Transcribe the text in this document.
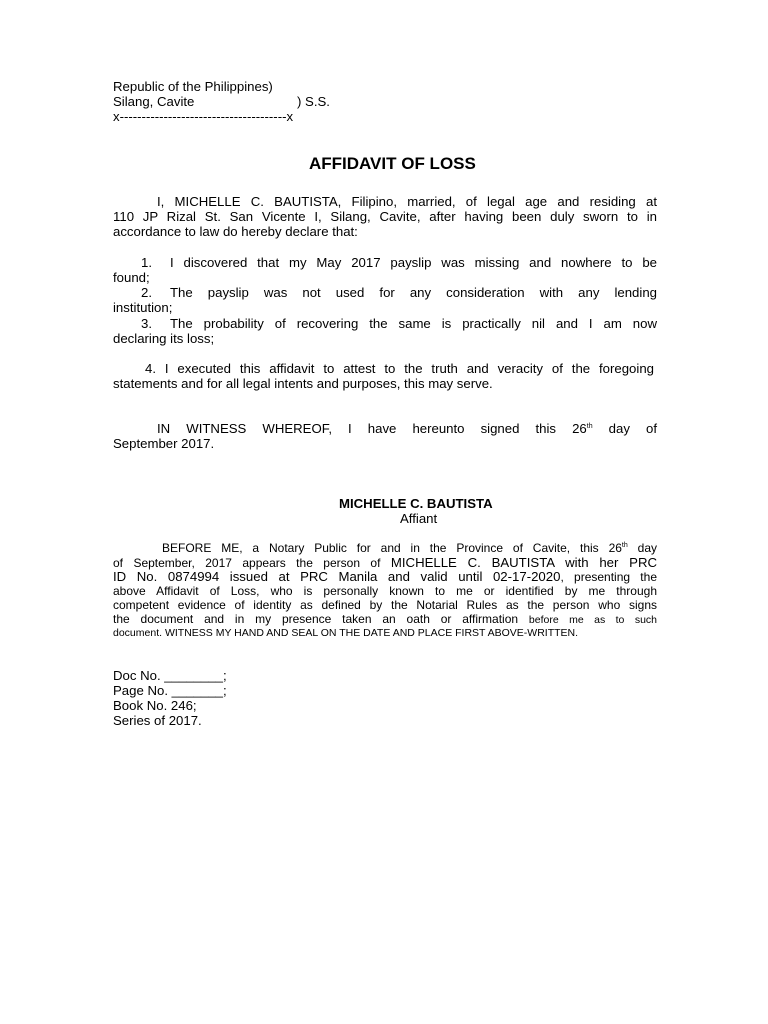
Republic of the Philippines)
Silang, Cavite	) S.S.
x--------------------------------------x
AFFIDAVIT OF LOSS
I, MICHELLE C. BAUTISTA, Filipino, married, of legal age and residing at
110 JP Rizal St. San Vicente I, Silang, Cavite, after having been duly sworn to in
accordance to law do hereby declare that:
1. I discovered that my May 2017 payslip was missing and nowhere to be
found;
2. The payslip was not used for any consideration with any lending
institution;
3. The probability of recovering the same is practically nil and I am now
declaring its loss;
4. I executed this affidavit to attest to the truth and veracity of the foregoing
statements and for all legal intents and purposes, this may serve.
IN WITNESS WHEREOF, I have hereunto signed this 26th day of
September 2017.
MICHELLE C. BAUTISTA
Affiant
BEFORE ME, a Notary Public for and in the Province of Cavite, this 26th day
of September, 2017 appears the person of MICHELLE C. BAUTISTA with her PRC
ID No. 0874994 issued at PRC Manila and valid until 02-17-2020, presenting the
above Affidavit of Loss, who is personally known to me or identified by me through
competent evidence of identity as defined by the Notarial Rules as the person who signs
the document and in my presence taken an oath or affirmation before me as to such
document. WITNESS MY HAND AND SEAL ON THE DATE AND PLACE FIRST ABOVE-WRITTEN.
Doc No. ________;
Page No. _______;
Book No. 246;
Series of 2017.
